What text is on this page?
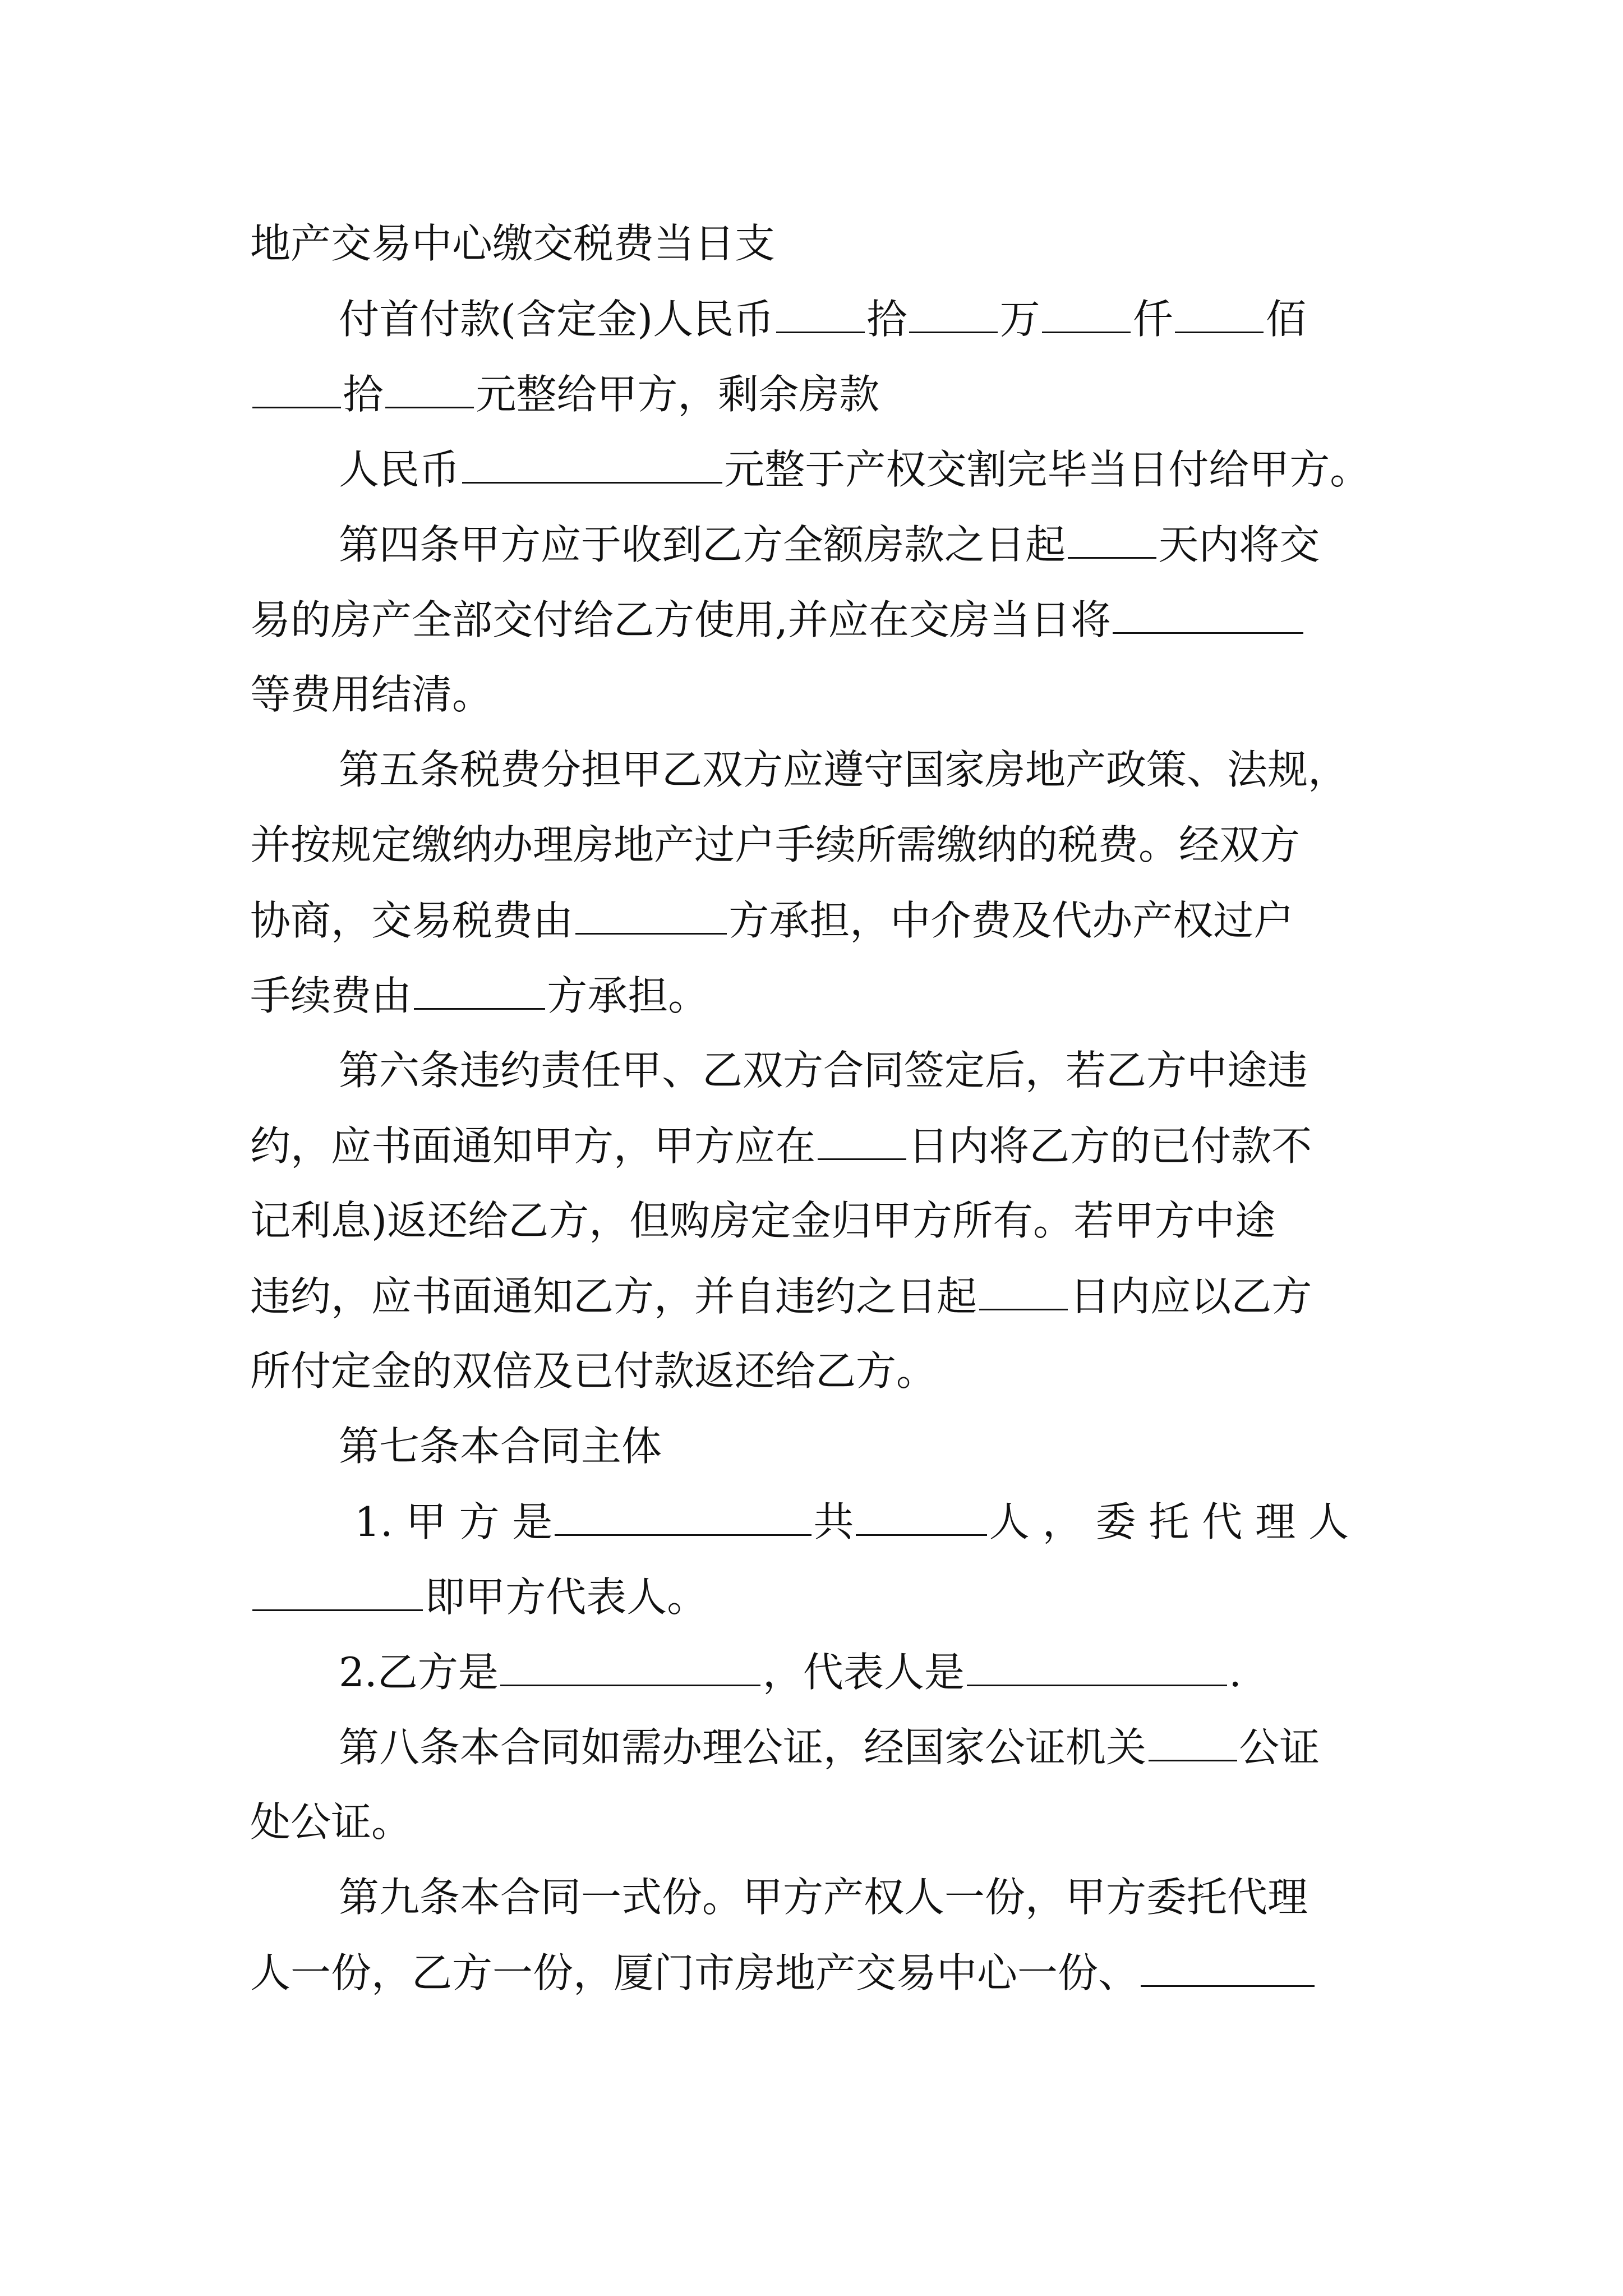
地产交易中心缴交税费当日支

付首付款(含定金)人民币 拾 万 仟 佰

拾 元整给甲方，剩余房款

人民币	元整于产权交割完毕当日付给甲方。

第四条甲方应于收到乙方全额房款之日起 天内将交

易的房产全部交付给乙方使用,并应在交房当日将

等费用结清。

第五条税费分担甲乙双方应遵守国家房地产政策、法规，

并按规定缴纳办理房地产过户手续所需缴纳的税费。经双方

协商，交易税费由	方承担，中介费及代办产权过户

手续费由	方承担。

第六条违约责任甲、乙双方合同签定后，若乙方中途违

约，应书面通知甲方，甲方应在 日内将乙方的已付款不

记利息)返还给乙方，但购房定金归甲方所有。若甲方中途

违约，应书面通知乙方，并自违约之日起 日内应以乙方

所付定金的双倍及已付款返还给乙方。

第七条本合同主体

1. 甲 方 是	共	人 ， 委 托 代 理 人

即甲方代表人。

2.乙方是	，代表人是	.

第八条本合同如需办理公证，经国家公证机关 公证

处公证。

第九条本合同一式份。甲方产权人一份，甲方委托代理

人一份，乙方一份，厦门市房地产交易中心一份、
